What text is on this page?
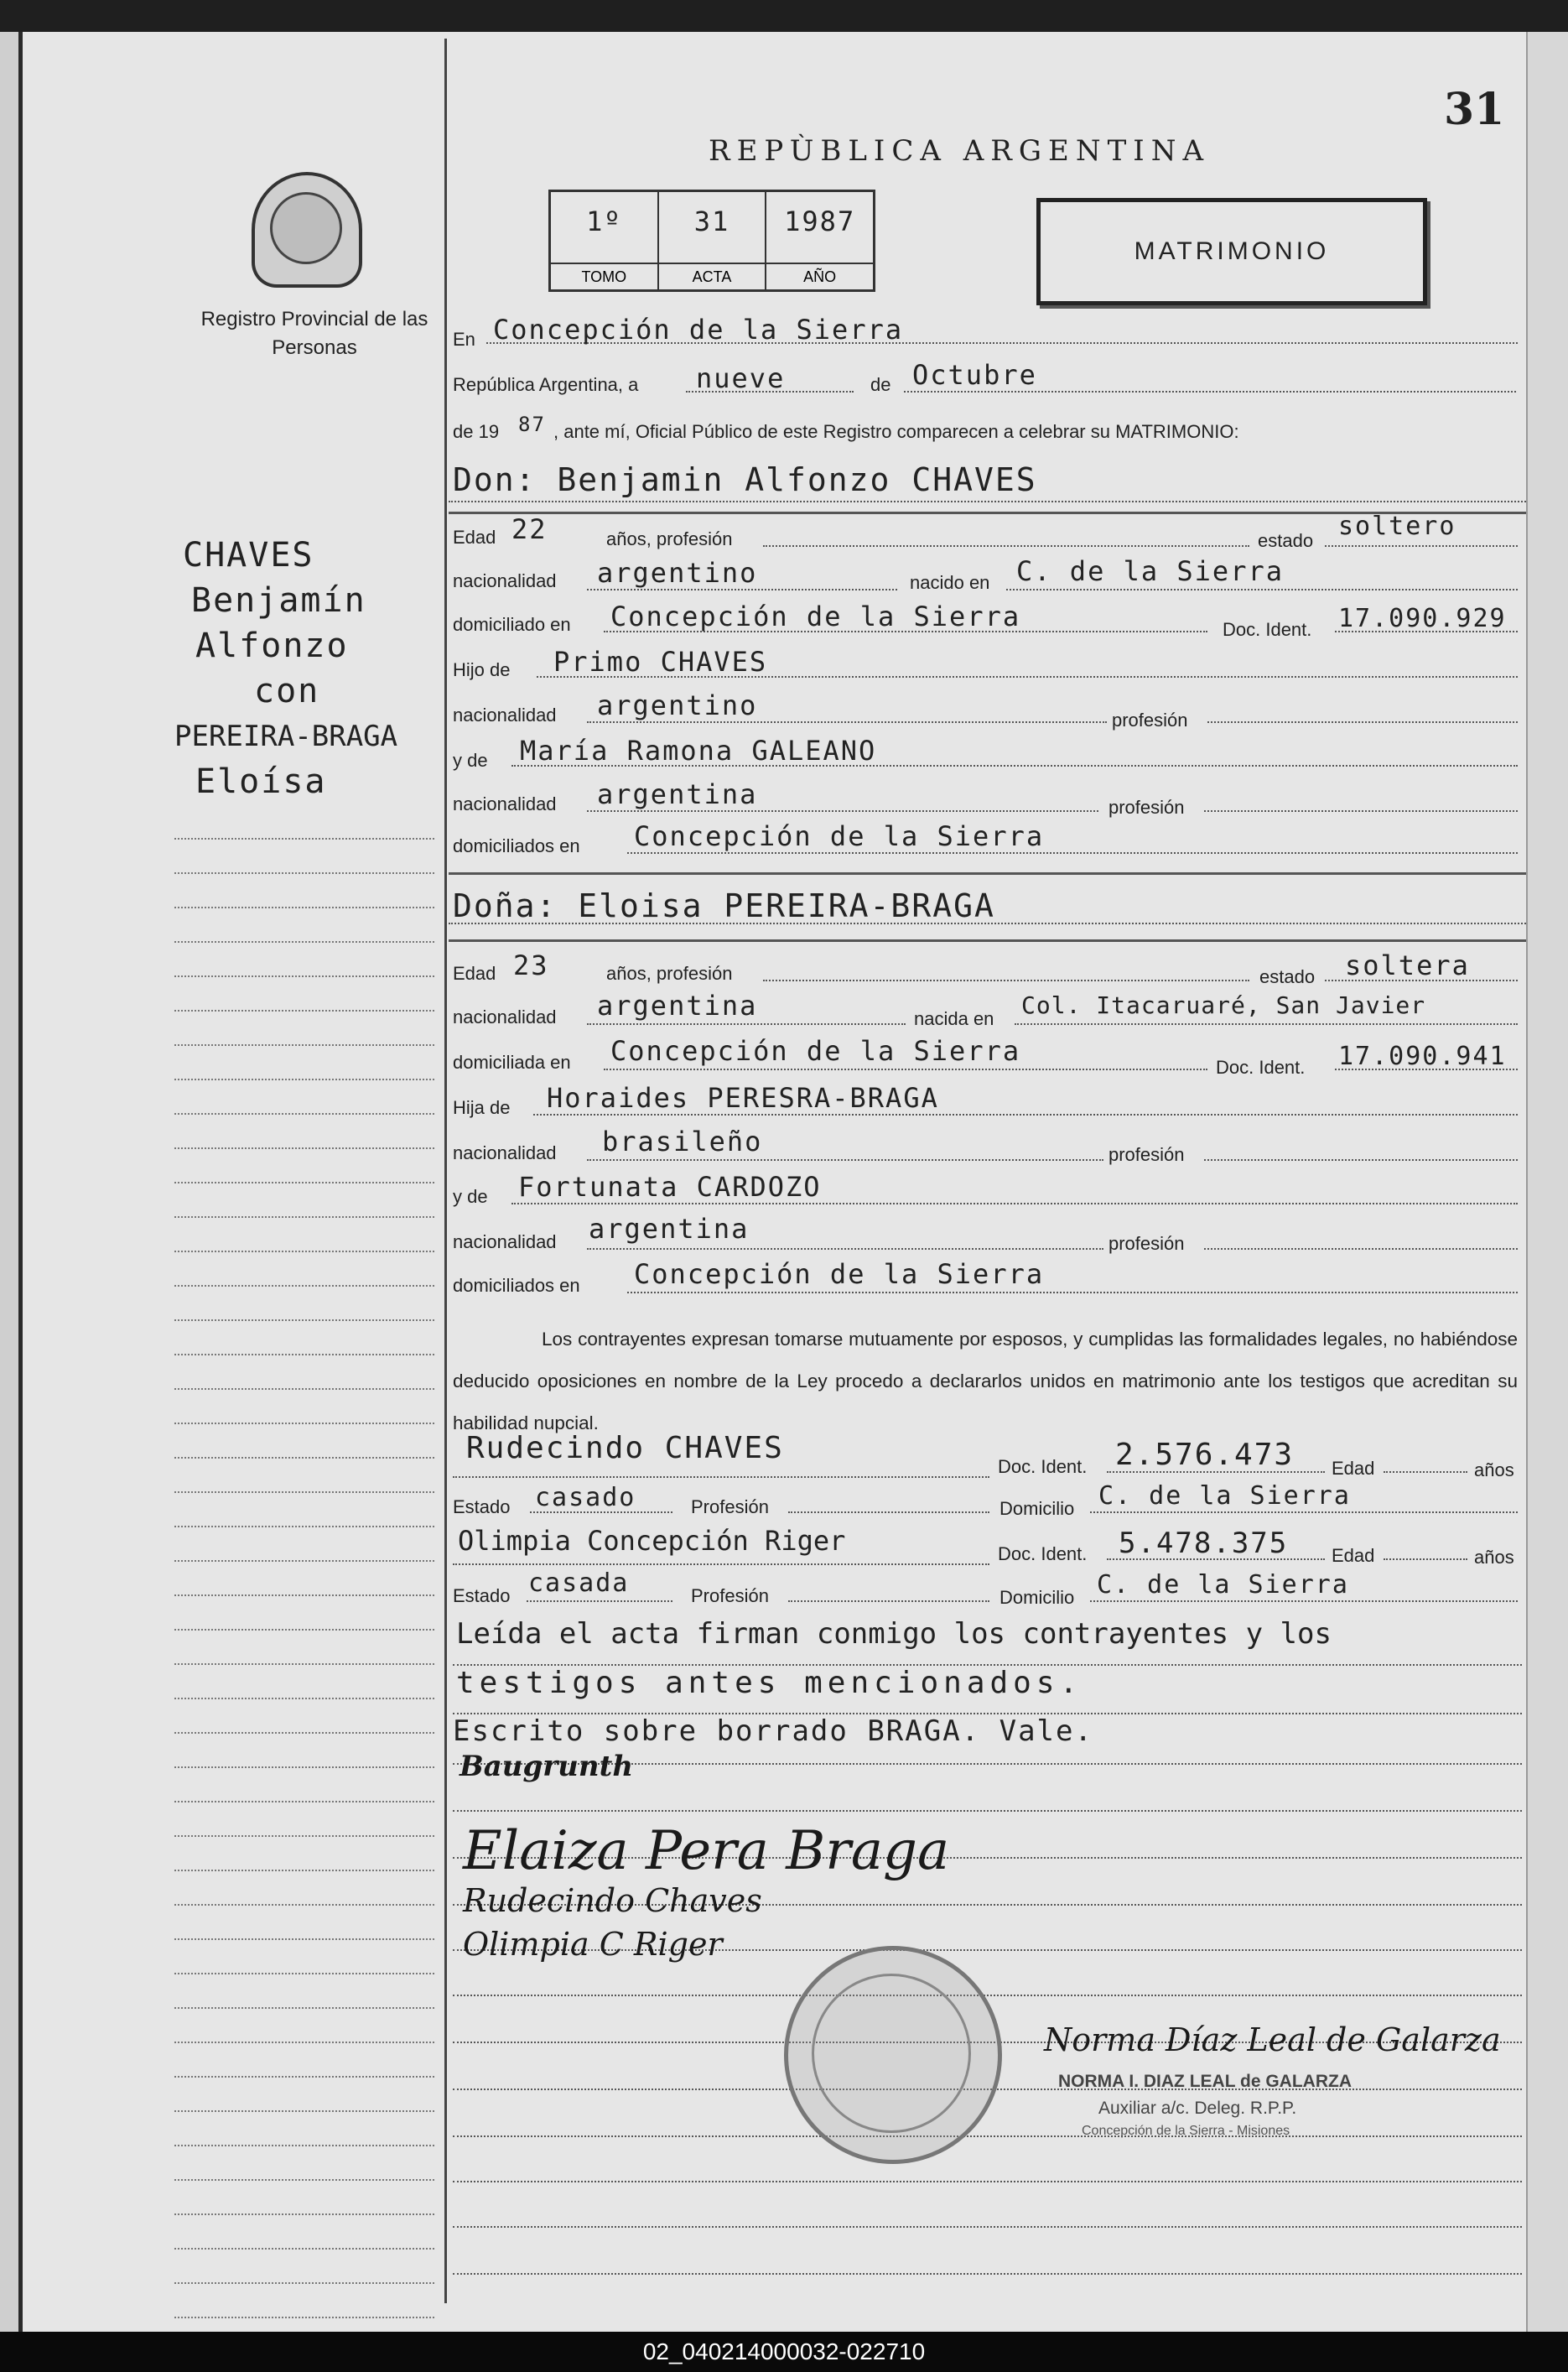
31
REPÙBLICA ARGENTINA
Registro Provincial de las Personas
1º
TOMO
31
ACTA
1987
AÑO
MATRIMONIO
CHAVES
Benjamín
Alfonzo
con
PEREIRA-BRAGA
Eloísa
En Concepción de la Sierra
República Argentina, a nueve	de Octubre
de 19 87 , ante mí, Oficial Público de este Registro comparecen a celebrar su MATRIMONIO:
Don: Benjamin Alfonzo CHAVES
Edad 22	años, profesión	estado soltero
nacionalidad argentino	nacido en C. de la Sierra
domiciliado en Concepción de la Sierra	Doc. Ident. 17.090.929
Hijo de Primo CHAVES
nacionalidad argentino	profesión
y de María Ramona GALEANO
nacionalidad argentina	profesión
domiciliados en Concepción de la Sierra
Doña: Eloisa PEREIRA-BRAGA
Edad 23	años, profesión	estado soltera
nacionalidad argentina	nacida en Col. Itacaruaré, San Javier
domiciliada en Concepción de la Sierra
Doc. Ident. 17.090.941
Hija de Horaides PERESRA-BRAGA
nacionalidad brasileño	profesión
y de Fortunata CARDOZO
nacionalidad argentina	profesión
domiciliados en Concepción de la Sierra
Los contrayentes expresan tomarse mutuamente por esposos, y cumplidas las formalidades legales, no habiéndose deducido oposiciones en nombre de la Ley procedo a declararlos unidos en matrimonio ante los testigos que acreditan su habilidad nupcial.
Rudecindo CHAVES
Doc. Ident. 2.576.473 Edad	años
Estado casado	Profesión	Domicilio C. de la Sierra
Olimpia Concepción Riger	Doc. Ident. 5.478.375 Edad	años
Estado casada	Profesión	Domicilio C. de la Sierra
Leída el acta firman conmigo los contrayentes y los
testigos antes mencionados.
Escrito sobre borrado BRAGA. Vale.
Baugrunth
Elaiza Pera Braga
Rudecindo Chaves
Olimpia C Riger
Norma Díaz Leal de Galarza
NORMA I. DIAZ LEAL de GALARZA
Auxiliar a/c. Deleg. R.P.P.
Concepción de la Sierra - Misiones
02_040214000032-022710
